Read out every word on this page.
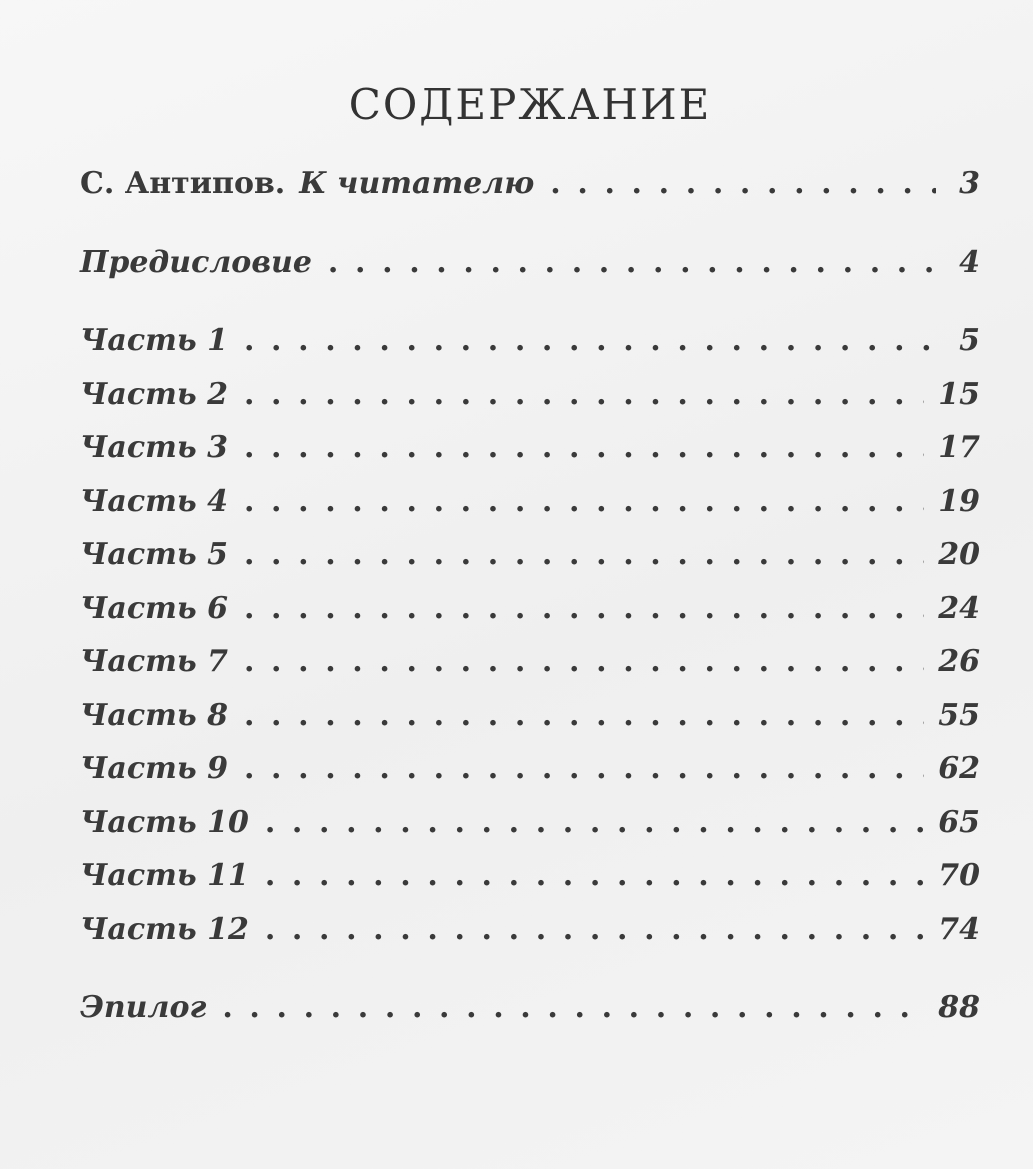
СОДЕРЖАНИЕ
С. Антипов. К читателю . . .	3
Предисловие . . .	4
Часть 1 . . .	5
Часть 2 . . .	15
Часть 3 . . .	17
Часть 4 . . .	19
Часть 5 . . .	20
Часть 6 . . .	24
Часть 7 . . .	26
Часть 8 . . .	55
Часть 9 . . .	62
Часть 10 . . .	65
Часть 11 . . .	70
Часть 12 . . .	74
Эпилог . . .	88
